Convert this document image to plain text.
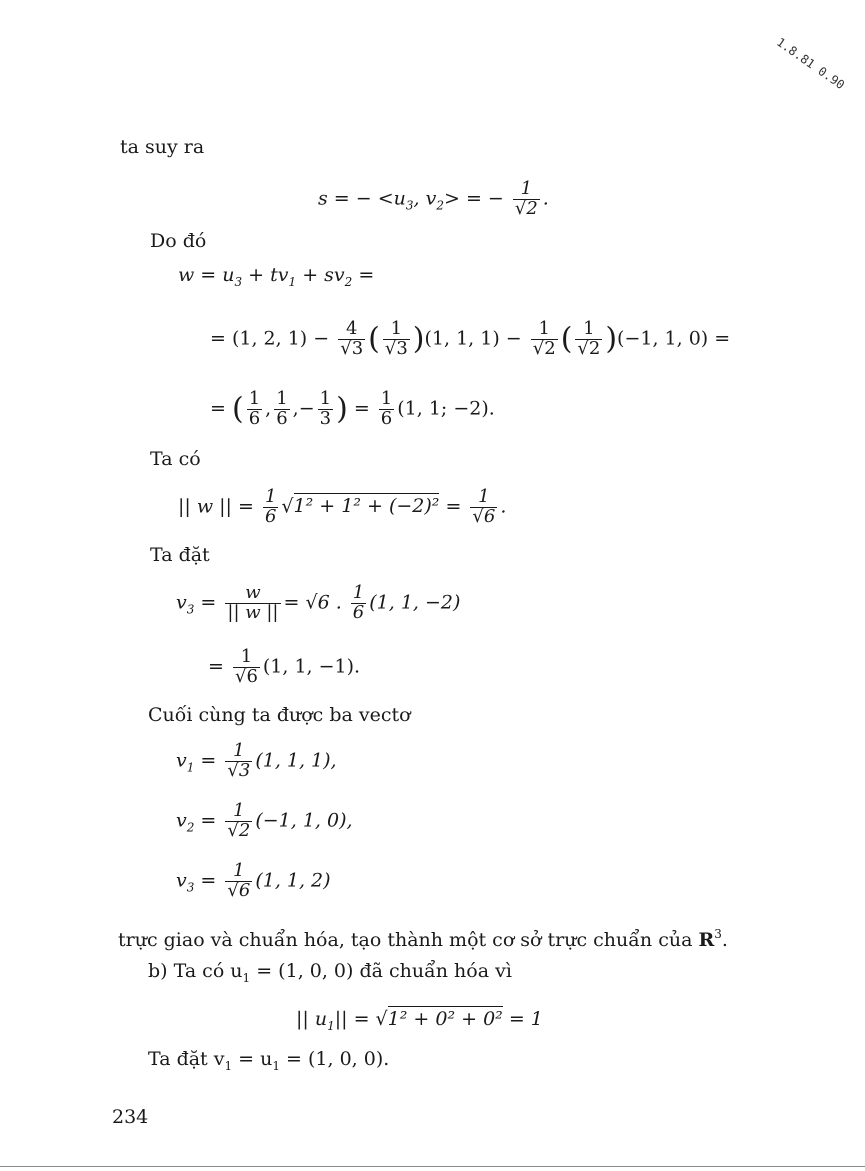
1.8.81 0.90
ta suy ra
s = − $<u_3$, $v_2>$ = − $\frac{1}{√2}$ .
Do đó
$w = u_3 + tv_1 + sv_2$ =
= (1, 2, $1) - \frac{4}{√3}$ ( $\frac{1}{√3} )(1$, 1, $1) - \frac{1}{√2}$ ( $\frac{1}{√2} )(-1$, 1, 0) =
= ( $\frac{1}{6}$ , $\frac{1}{6}$ ,− $\frac{1}{3}$ ) = $\frac{1}{6} (1$, 1; −2).
Ta có
|| w || = $\frac{1}{6} √1^2 + 1^2 + (-2)^2 = \frac{1}{√6}$ .
Ta đặt
$v_3 = \frac{w}{|| w ||} = √6$ . $\frac{1}{6} (1$, 1, −2)
= $\frac{1}{√6} (1$, 1, −1).
Cuối cùng ta được ba vectơ
$v_1 = \frac{1}{√3} (1$, 1, 1),
$v_2 = \frac{1}{√2} (-1$, 1, 0),
$v_3 = \frac{1}{√6} (1$, 1, 2)
trực giao và chuẩn hóa, tạo thành một cơ sở trực chuẩn của $R^3$.
b) Ta có $u_1 = (1$, 0, 0) đã chuẩn hóa vì
|| $u_1|| = √1^2 + 0^2 + 0^2 = 1$
Ta đặt $v_1 = u_1 = (1$, 0, 0).
234
